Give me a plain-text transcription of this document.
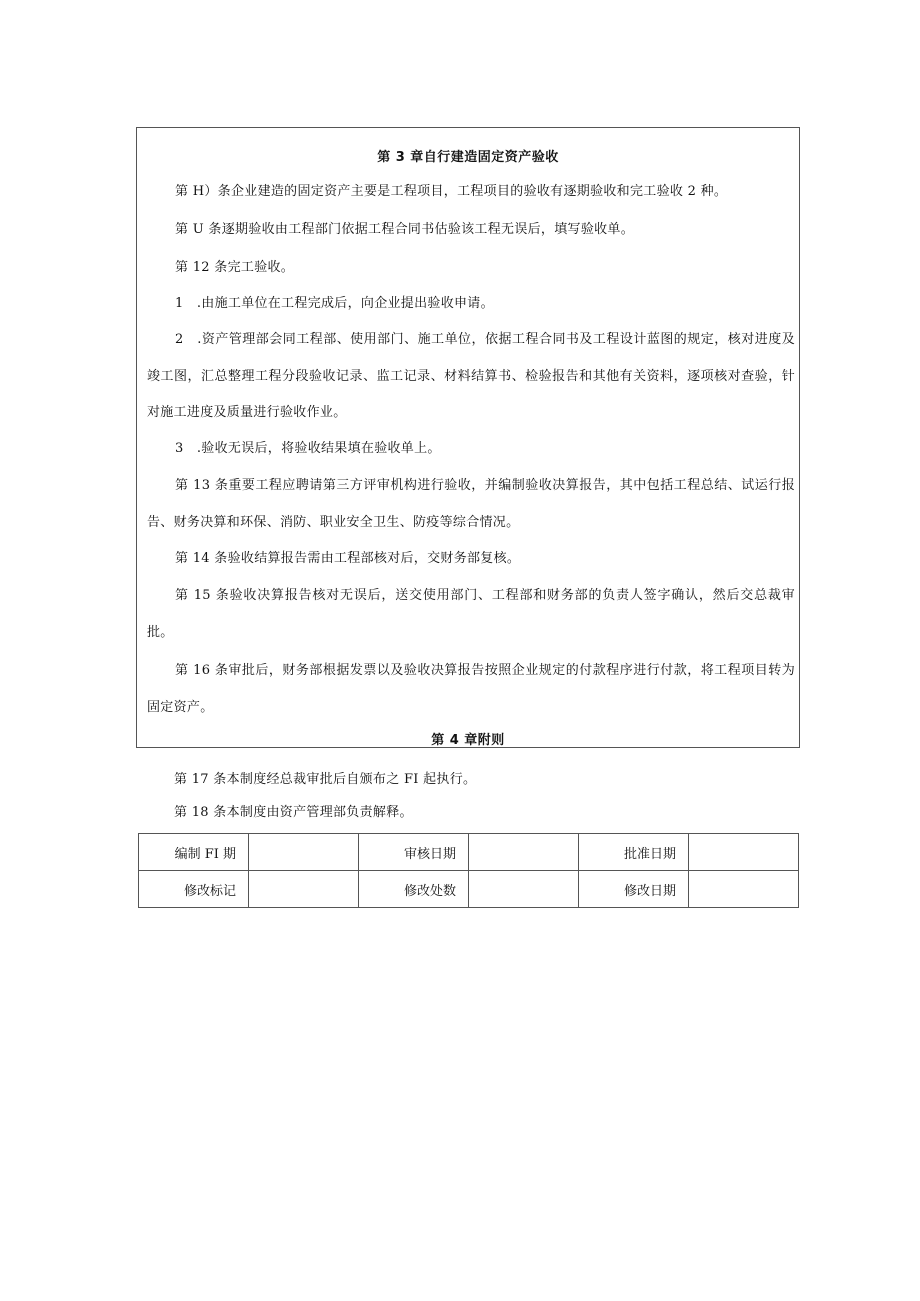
第 3 章自行建造固定资产验收

第 H）条企业建造的固定资产主要是工程项目，工程项目的验收有逐期验收和完工验收 2 种。

第 U 条逐期验收由工程部门依据工程合同书估验该工程无误后，填写验收单。

第 12 条完工验收。

1　.由施工单位在工程完成后，向企业提出验收申请。

2　.资产管理部会同工程部、使用部门、施工单位，依据工程合同书及工程设计蓝图的规定，核对进度及竣工图，汇总整理工程分段验收记录、监工记录、材料结算书、检验报告和其他有关资料，逐项核对查验，针对施工进度及质量进行验收作业。

3　.验收无误后，将验收结果填在验收单上。

第 13 条重要工程应聘请第三方评审机构进行验收，并编制验收决算报告，其中包括工程总结、试运行报告、财务决算和环保、消防、职业安全卫生、防疫等综合情况。

第 14 条验收结算报告需由工程部核对后，交财务部复核。

第 15 条验收决算报告核对无误后，送交使用部门、工程部和财务部的负责人签字确认，然后交总裁审批。

第 16 条审批后，财务部根据发票以及验收决算报告按照企业规定的付款程序进行付款，将工程项目转为固定资产。

第 4 章附则

第 17 条本制度经总裁审批后自颁布之 FI 起执行。

第 18 条本制度由资产管理部负责解释。

编制 FI 期		审核日期		批准日期	
修改标记		修改处数		修改日期	
